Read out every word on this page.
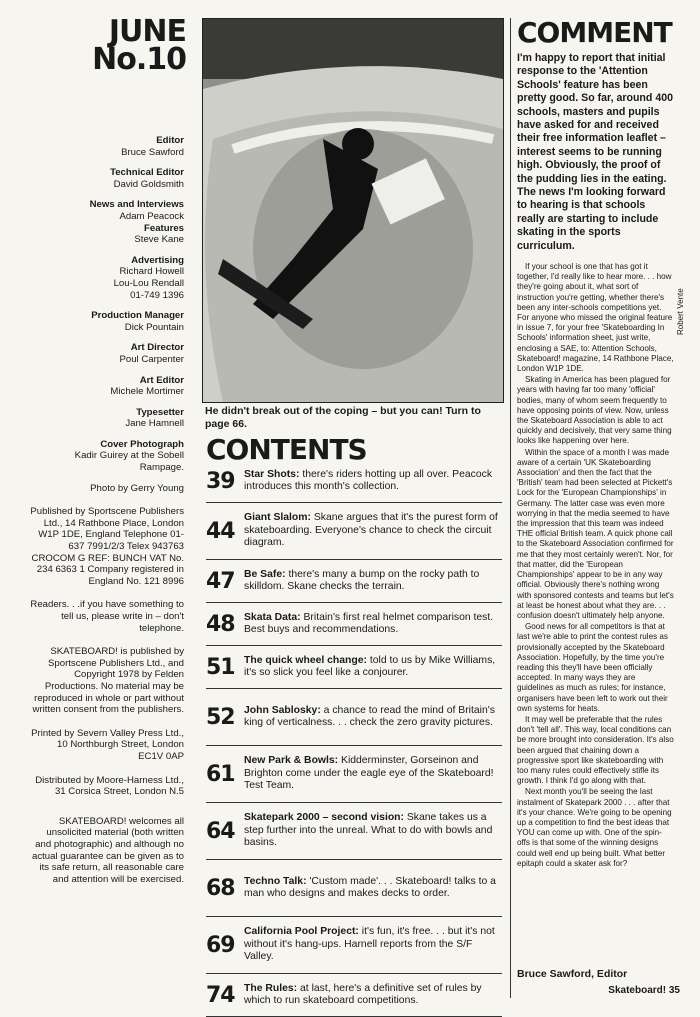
JUNE
No.10
Editor
Bruce Sawford
Technical Editor
David Goldsmith
News and Interviews
Adam Peacock
Features
Steve Kane
Advertising
Richard Howell
Lou-Lou Rendall
01-749 1396
Production Manager
Dick Pountain
Art Director
Poul Carpenter
Art Editor
Michele Mortimer
Typesetter
Jane Hamnell
Cover Photograph
Kadir Guirey at the Sobell Rampage.
Photo by Gerry Young
Published by Sportscene Publishers Ltd., 14 Rathbone Place, London W1P 1DE, England Telephone 01-637 7991/2/3 Telex 943763 CROCOM G REF: BUNCH VAT No. 234 6363 1 Company registered in England No. 121 8996
Readers. . .if you have something to tell us, please write in – don't telephone.
SKATEBOARD! is published by Sportscene Publishers Ltd., and Copyright 1978 by Felden Productions. No material may be reproduced in whole or part without written consent from the publishers.
Printed by Severn Valley Press Ltd., 10 Northburgh Street, London EC1V 0AP
Distributed by Moore-Harness Ltd., 31 Corsica Street, London N.5
SKATEBOARD! welcomes all unsolicited material (both written and photographic) and although no actual guarantee can be given as to its safe return, all reasonable care and attention will be exercised.
He didn't break out of the coping – but you can! Turn to page 66.
CONTENTS
39 Star Shots: there's riders hotting up all over. Peacock introduces this month's collection.
44
Giant Slalom: Skane argues that it's the purest form of skateboarding. Everyone's chance to check the circuit diagram.
47 Be Safe: there's many a bump on the rocky path to skilldom. Skane checks the terrain.
48 Skata Data: Britain's first real helmet comparison test. Best buys and recommendations.
51 The quick wheel change: told to us by Mike Williams, it's so slick you feel like a conjourer.
52 John Sablosky: a chance to read the mind of Britain's king of verticalness. . . check the zero gravity pictures.
61
New Park & Bowls: Kidderminster, Gorseinon and Brighton come under the eagle eye of the Skateboard! Test Team.
64
Skatepark 2000 – second vision: Skane takes us a step further into the unreal. What to do with bowls and basins.
68 Techno Talk: 'Custom made'. . . Skateboard! talks to a man who designs and makes decks to order.
69
California Pool Project: it's fun, it's free. . . but it's not without it's hang-ups. Harnell reports from the S/F Valley.
74 The Rules: at last, here's a definitive set of rules by which to run skateboard competitions.
COMMENT
I'm happy to report that initial response to the 'Attention Schools' feature has been pretty good. So far, around 400 schools, masters and pupils have asked for and received their free information leaflet – interest seems to be running high. Obviously, the proof of the pudding lies in the eating. The news I'm looking forward to hearing is that schools really are starting to include skating in the sports curriculum.

If your school is one that has got it together, I'd really like to hear more. . . how they're going about it, what sort of instruction you're getting, whether there's been any inter-schools competitions yet. For anyone who missed the original feature in issue 7, for your free 'Skateboarding In Schools' information sheet, just write, enclosing a SAE, to: Attention Schools, Skateboard! magazine, 14 Rathbone Place, London W1P 1DE.

Skating in America has been plagued for years with having far too many 'official' bodies, many of whom seem frequently to have opposing points of view. Now, unless the Skateboard Association is able to act quickly and decisively, that very same thing looks like happening over here.

Within the space of a month I was made aware of a certain 'UK Skateboarding Association' and then the fact that the 'British' team had been selected at Pickett's Lock for the 'European Championships' in Germany. The latter case was even more worrying in that the media seemed to have the impression that this team was indeed THE official British team. A quick phone call to the Skateboard Association confirmed for me that they most certainly weren't. Nor, for that matter, did the 'European Championships' appear to be in any way official. Obviously there's nothing wrong with sponsored contests and teams but let's at least be honest about what they are. . . confusion doesn't ultimately help anyone.

Good news for all competitors is that at last we're able to print the contest rules as provisionally accepted by the Skateboard Association. Hopefully, by the time you're reading this they'll have been officially accepted. In many ways they are guidelines as much as rules; for instance, organisers have been left to work out their own systems for heats.

It may well be preferable that the rules don't 'tell all'. This way, local conditions can be more brought into consideration. It's also been argued that chaining down a progressive sport like skateboarding with too many rules could effectively stifle its growth. I think I'd go along with that.

Next month you'll be seeing the last instalment of Skatepark 2000 . . . after that it's your chance. We're going to be opening up a competition to find the best ideas that YOU can come up with. One of the spin-offs is that some of the winning designs could well end up being built. What better epitaph could a skater ask for?

Bruce Sawford, Editor
Robert Vente
Skateboard! 35
